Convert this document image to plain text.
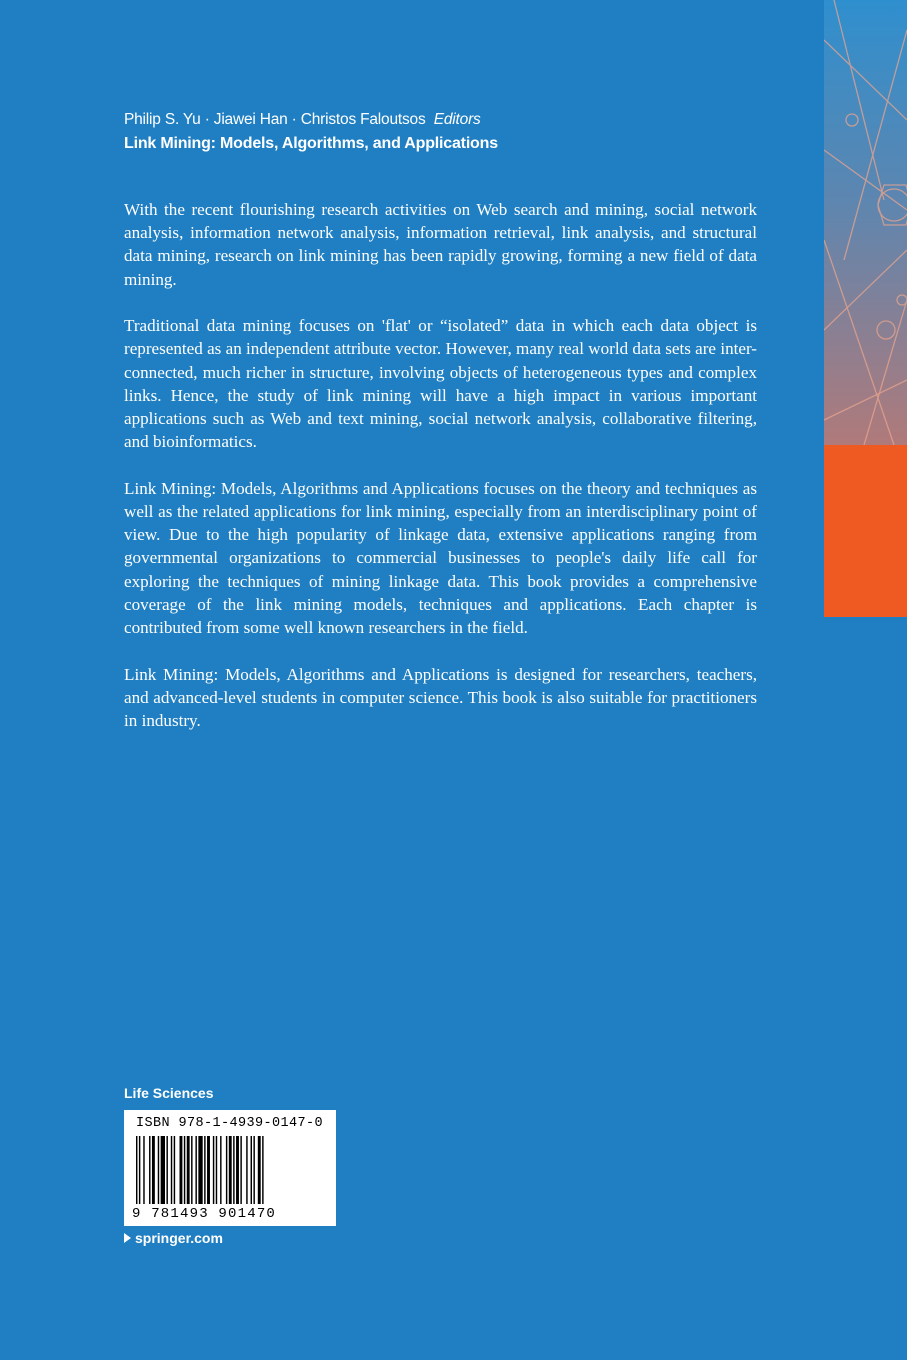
Philip S. Yu · Jiawei Han · Christos Faloutsos Editors
Link Mining: Models, Algorithms, and Applications

With the recent flourishing research activities on Web search and mining, social network analysis, information network analysis, information retrieval, link analysis, and structural data mining, research on link mining has been rapidly growing, forming a new field of data mining.

Traditional data mining focuses on 'flat' or “isolated” data in which each data object is represented as an independent attribute vector. However, many real world data sets are inter-connected, much richer in structure, involving objects of heterogeneous types and complex links. Hence, the study of link mining will have a high impact in various important applications such as Web and text mining, social network analysis, collaborative filtering, and bioinformatics.

Link Mining: Models, Algorithms and Applications focuses on the theory and techniques as well as the related applications for link mining, especially from an interdisciplinary point of view. Due to the high popularity of linkage data, extensive applications ranging from governmental organizations to commercial businesses to people's daily life call for exploring the techniques of mining linkage data. This book provides a comprehensive coverage of the link mining models, techniques and applications. Each chapter is contributed from some well known researchers in the field.

Link Mining: Models, Algorithms and Applications is designed for researchers, teachers, and advanced-level students in computer science. This book is also suitable for practitioners in industry.

Life Sciences
ISBN 978-1-4939-0147-0
9 781493 901470
springer.com
